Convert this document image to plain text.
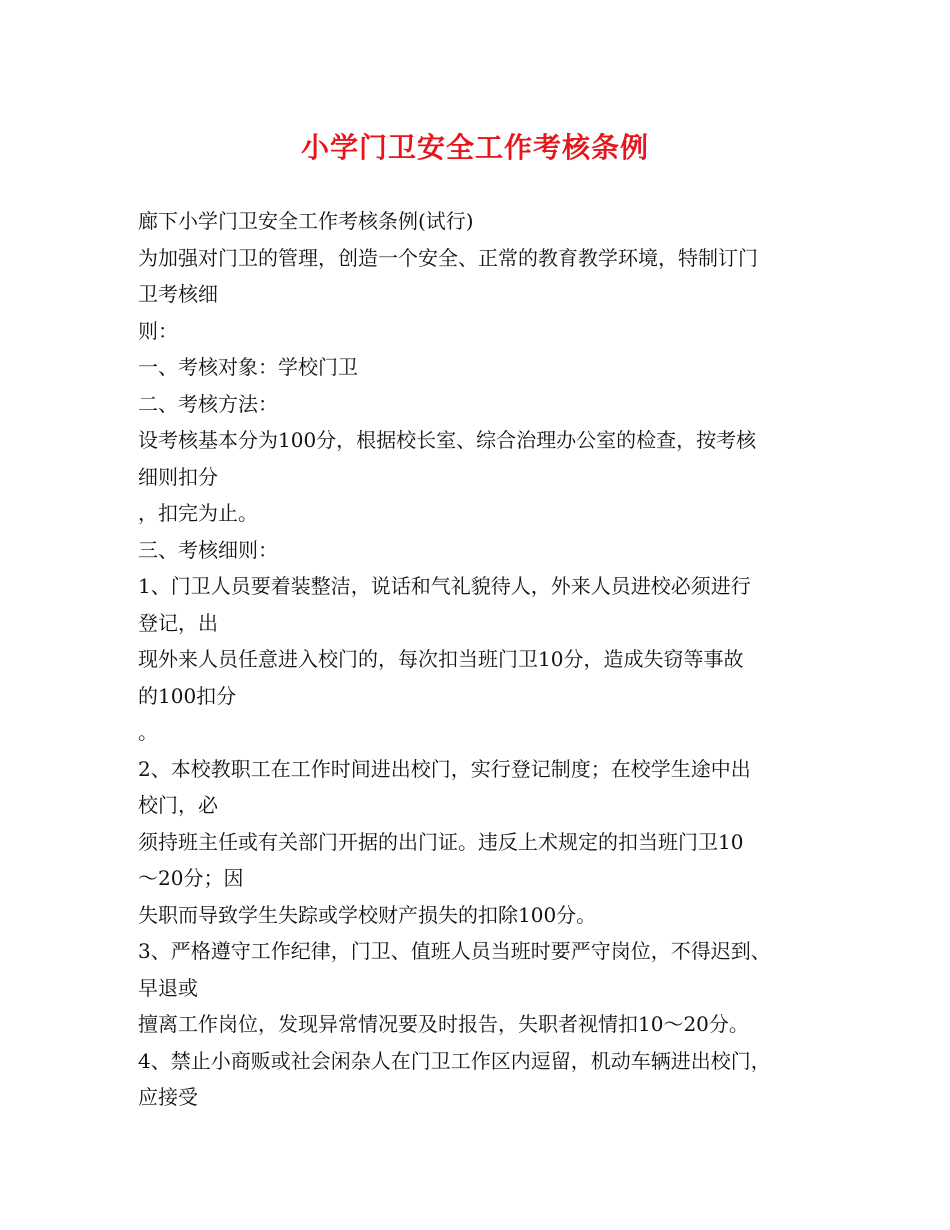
小学门卫安全工作考核条例
廊下小学门卫安全工作考核条例(试行)
为加强对门卫的管理，创造一个安全、正常的教育教学环境，特制订门
卫考核细
则：
一、考核对象：学校门卫
二、考核方法：
设考核基本分为100分，根据校长室、综合治理办公室的检查，按考核
细则扣分
，扣完为止。
三、考核细则：
1、门卫人员要着装整洁，说话和气礼貌待人，外来人员进校必须进行
登记，出
现外来人员任意进入校门的，每次扣当班门卫10分，造成失窃等事故
的100扣分
。
2、本校教职工在工作时间进出校门，实行登记制度；在校学生途中出
校门，必
须持班主任或有关部门开据的出门证。违反上术规定的扣当班门卫10
～20分；因
失职而导致学生失踪或学校财产损失的扣除100分。
3、严格遵守工作纪律，门卫、值班人员当班时要严守岗位，不得迟到、
早退或
擅离工作岗位，发现异常情况要及时报告，失职者视情扣10～20分。
4、禁止小商贩或社会闲杂人在门卫工作区内逗留，机动车辆进出校门，
应接受
